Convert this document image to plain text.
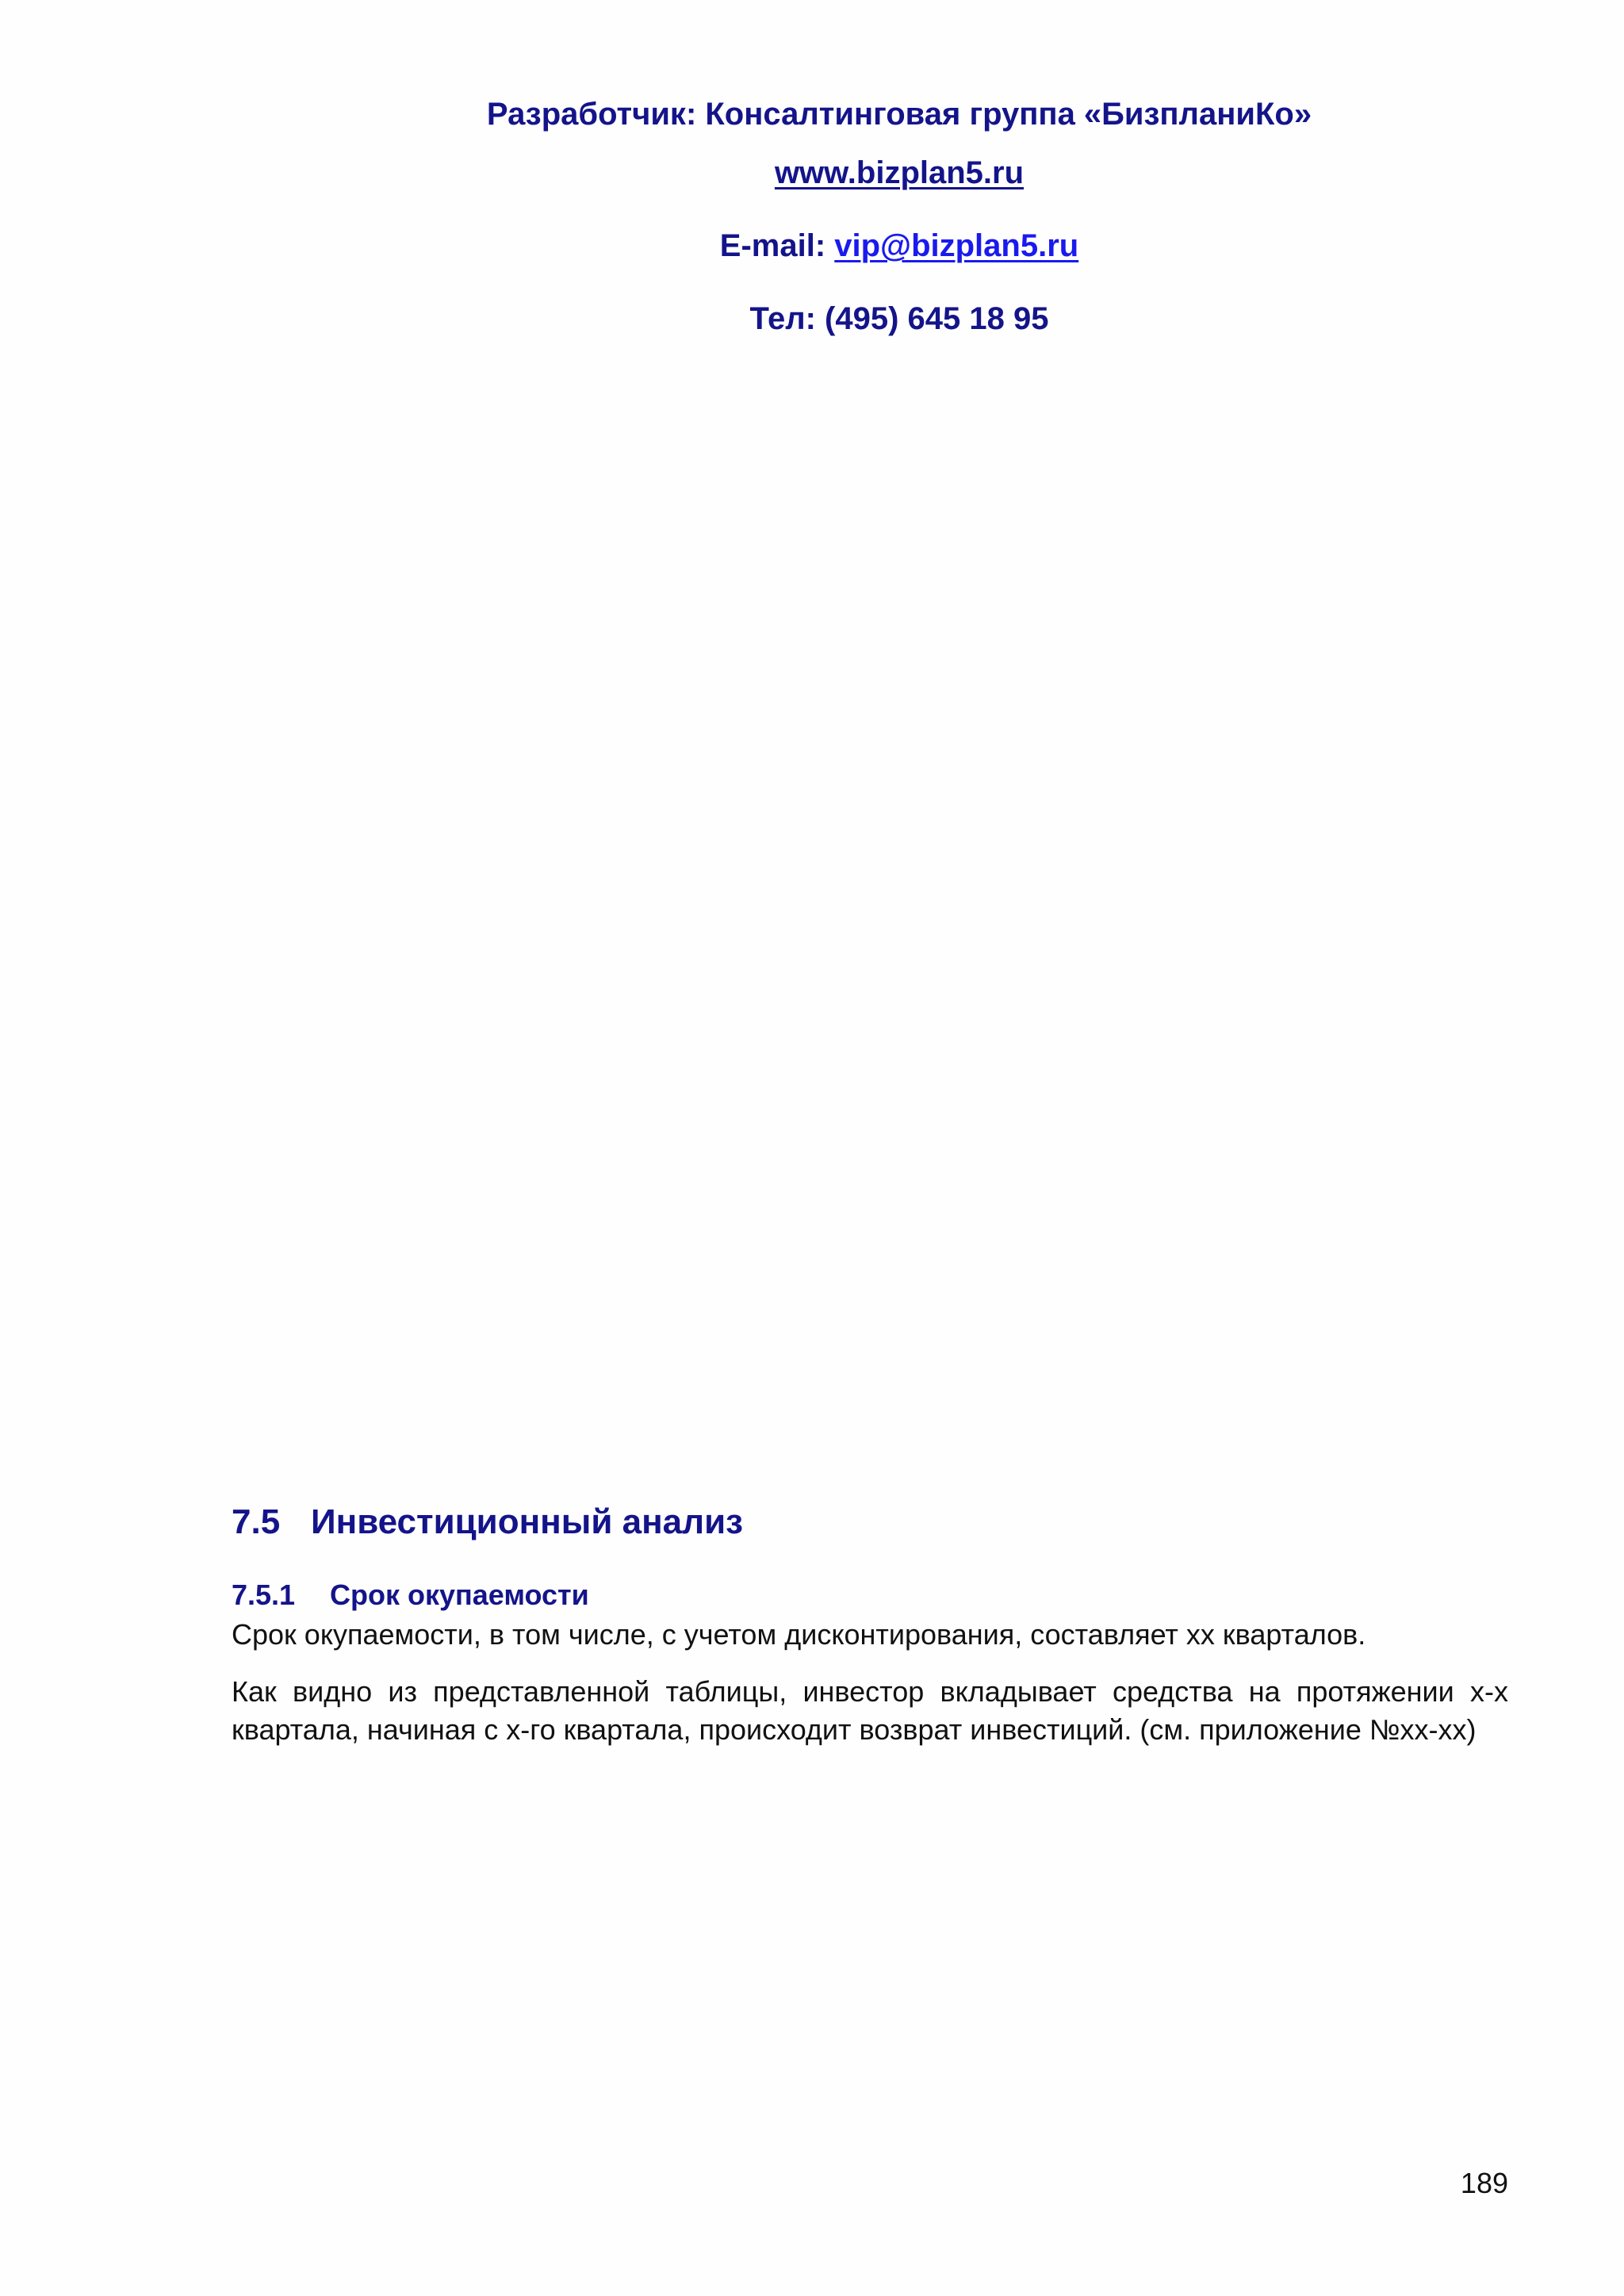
Разработчик: Консалтинговая группа «БизпланиКо»
www.bizplan5.ru
E-mail: vip@bizplan5.ru
Тел: (495) 645 18 95
7.5 Инвестиционный анализ
7.5.1 Срок окупаемости
Срок окупаемости, в том числе, с учетом дисконтирования, составляет хх кварталов.
Как видно из представленной таблицы, инвестор вкладывает средства на протяжении х-х квартала, начиная с х-го квартала, происходит возврат инвестиций. (см. приложение №хх-хх)
189
